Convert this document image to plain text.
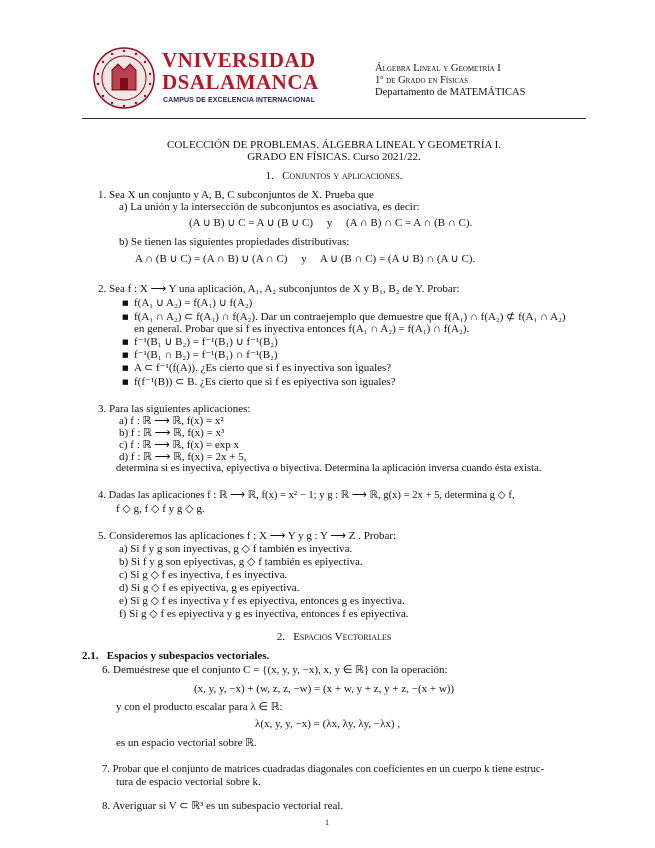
VNIVERSIDAD
DSALAMANCA
CAMPUS DE EXCELENCIA INTERNACIONAL
Álgebra Lineal y Geometría I
1º de Grado en Físicas
Departamento de MATEMÁTICAS
COLECCIÓN DE PROBLEMAS. ÁLGEBRA LINEAL Y GEOMETRÍA I.
GRADO EN FÍSICAS. Curso 2021/22.
1. Conjuntos y aplicaciones.
1. Sea X un conjunto y A, B, C subconjuntos de X. Prueba que
a) La unión y la intersección de subconjuntos es asociativa, es decir:
(A ∪ B) ∪ C = A ∪ (B ∪ C)     y     (A ∩ B) ∩ C = A ∩ (B ∩ C).
b) Se tienen las siguientes propiedades distributivas:
A ∩ (B ∪ C) = (A ∩ B) ∪ (A ∩ C)     y     A ∪ (B ∩ C) = (A ∪ B) ∩ (A ∪ C).
2. Sea f : X ⟶ Y una aplicación, A₁, A₂ subconjuntos de X y B₁, B₂ de Y. Probar:
■ f(A₁ ∪ A₂) = f(A₁) ∪ f(A₂)
■ f(A₁ ∩ A₂) ⊂ f(A₁) ∩ f(A₂). Dar un contraejemplo que demuestre que f(A₁) ∩ f(A₂) ⊄ f(A₁ ∩ A₂)
en general. Probar que si f es inyectiva entonces f(A₁ ∩ A₂) = f(A₁) ∩ f(A₂).
■ f⁻¹(B₁ ∪ B₂) = f⁻¹(B₁) ∪ f⁻¹(B₂)
■ f⁻¹(B₁ ∩ B₂) = f⁻¹(B₁) ∩ f⁻¹(B₂)
■ A ⊂ f⁻¹(f(A)). ¿Es cierto que si f es inyectiva son iguales?
■ f(f⁻¹(B)) ⊂ B. ¿Es cierto que si f es epiyectiva son iguales?
3. Para las siguientes aplicaciones:
a) f : ℝ ⟶ ℝ, f(x) = x²
b) f : ℝ ⟶ ℝ, f(x) = x³
c) f : ℝ ⟶ ℝ, f(x) = exp x
d) f : ℝ ⟶ ℝ, f(x) = 2x + 5,
determina si es inyectiva, epiyectiva o biyectiva. Determina la aplicación inversa cuando ésta exista.
4. Dadas las aplicaciones f : ℝ ⟶ ℝ, f(x) = x² − 1; y g : ℝ ⟶ ℝ, g(x) = 2x + 5, determina g ◇ f,
f ◇ g, f ◇ f y g ◇ g.
5. Consideremos las aplicaciones f : X ⟶ Y y g : Y ⟶ Z . Probar:
a) Si f y g son inyectivas, g ◇ f también es inyectiva.
b) Si f y g son epiyectivas, g ◇ f también es epiyectiva.
c) Si g ◇ f es inyectiva, f es inyectiva.
d) Si g ◇ f es epiyectiva, g es epiyectiva.
e) Si g ◇ f es inyectiva y f es epiyectiva, entonces g es inyectiva.
f) Si g ◇ f es epiyectiva y g es inyectiva, entonces f es epiyectiva.
2. Espacios Vectoriales
2.1. Espacios y subespacios vectoriales.
6. Demuéstrese que el conjunto C = {(x, y, y, −x), x, y ∈ ℝ} con la operación:
(x, y, y, −x) + (w, z, z, −w) = (x + w, y + z, y + z, −(x + w))
y con el producto escalar para λ ∈ ℝ:
λ(x, y, y, −x) = (λx, λy, λy, −λx) ,
es un espacio vectorial sobre ℝ.
7. Probar que el conjunto de matrices cuadradas diagonales con coeficientes en un cuerpo k tiene estruc-
tura de espacio vectorial sobre k.
8. Averiguar si V ⊂ ℝ³ es un subespacio vectorial real.
1
